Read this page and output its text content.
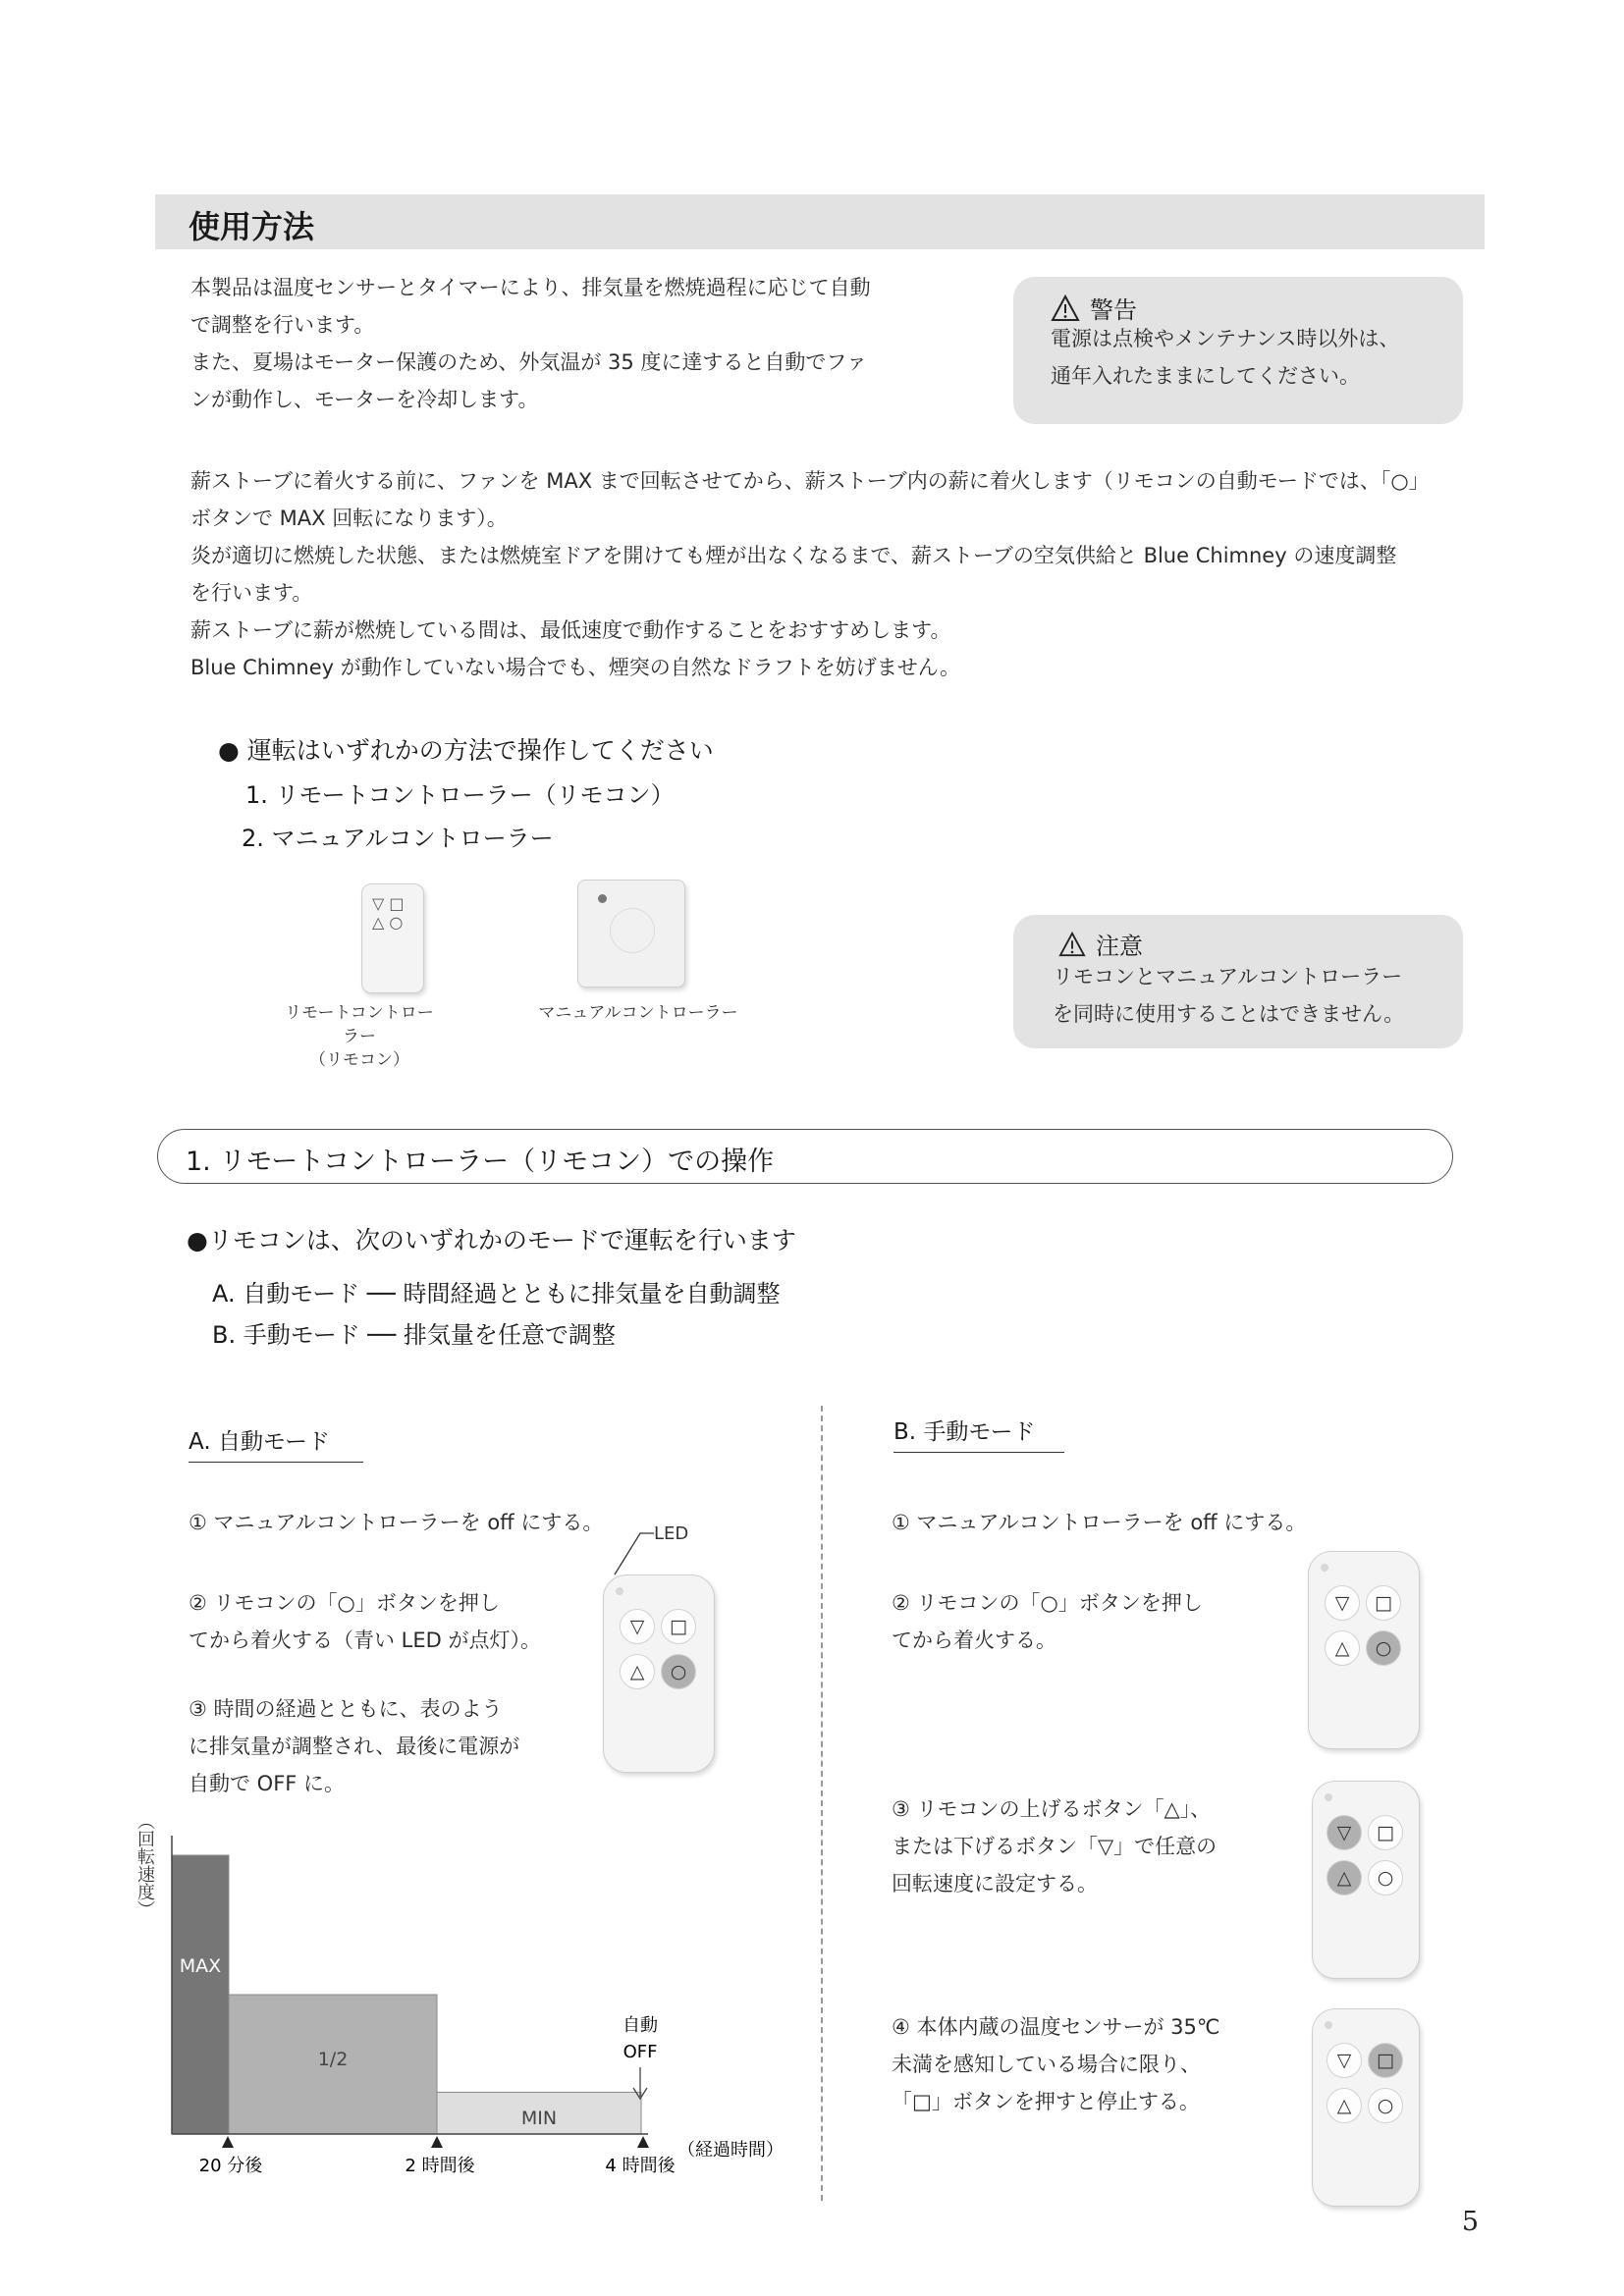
使用方法
本製品は温度センサーとタイマーにより、排気量を燃焼過程に応じて自動
で調整を行います。
また、夏場はモーター保護のため、外気温が 35 度に達すると自動でファ
ンが動作し、モーターを冷却します。
警告
電源は点検やメンテナンス時以外は、
通年入れたままにしてください。
薪ストーブに着火する前に、ファンを MAX まで回転させてから、薪ストーブ内の薪に着火します（リモコンの自動モードでは、「○」
ボタンで MAX 回転になります）。
炎が適切に燃焼した状態、または燃焼室ドアを開けても煙が出なくなるまで、薪ストーブの空気供給と Blue Chimney の速度調整
を行います。
薪ストーブに薪が燃焼している間は、最低速度で動作することをおすすめします。
Blue Chimney が動作していない場合でも、煙突の自然なドラフトを妨げません。
● 運転はいずれかの方法で操作してください
1. リモートコントローラー（リモコン）
2. マニュアルコントローラー
▽ □
△ ○
リモートコントローラー
（リモコン）
マニュアルコントローラー
注意
リモコンとマニュアルコントローラー
を同時に使用することはできません。
1. リモートコントローラー（リモコン）での操作
●リモコンは、次のいずれかのモードで運転を行います
A. 自動モード ── 時間経過とともに排気量を自動調整
B. 手動モード ── 排気量を任意で調整
A. 自動モード
① マニュアルコントローラーを off にする。
② リモコンの「○」ボタンを押し
てから着火する（青い LED が点灯）。
③ 時間の経過とともに、表のよう
に排気量が調整され、最後に電源が
自動で OFF に。
LED
▽ □
△ ○
MAX
1/2
MIN
20 分後	2 時間後	4 時間後
（経過時間）
自動
OFF
（回転速度）
B. 手動モード
① マニュアルコントローラーを off にする。
② リモコンの「○」ボタンを押し
てから着火する。
③ リモコンの上げるボタン「△」、
または下げるボタン「▽」で任意の
回転速度に設定する。
④ 本体内蔵の温度センサーが 35℃
未満を感知している場合に限り、
「□」ボタンを押すと停止する。
▽ □
△ ○
▽ □
△ ○
▽ □
△ ○
5
